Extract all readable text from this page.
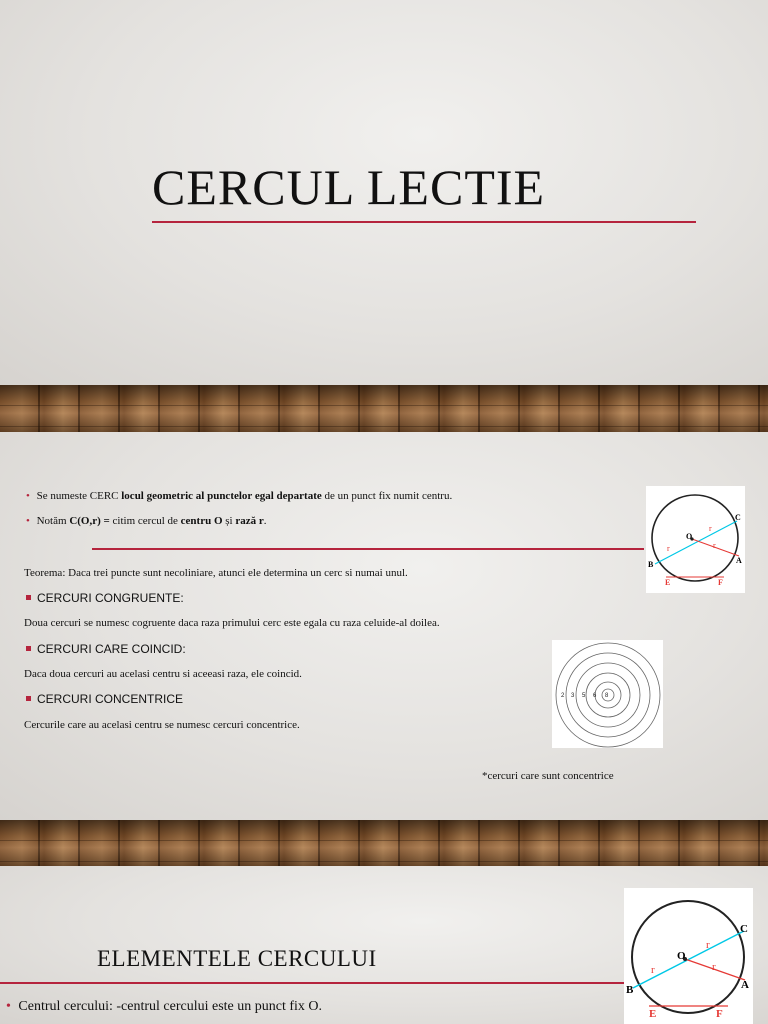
CERCUL LECTIE
• Se numeste CERC locul geometric al punctelor egal departate de un punct fix numit centru.
• Notăm C(O,r) = citim cercul de centru O și rază r.
Teorema: Daca trei puncte sunt necoliniare, atunci ele determina un cerc si numai unul.
CERCURI CONGRUENTE:
Doua cercuri se numesc cogruente daca raza primului cerc este egala cu raza celuide-al doilea.
CERCURI CARE COINCID:
Daca doua cercuri au acelasi centru si aceeasi raza, ele coincid.
CERCURI CONCENTRICE
Cercurile care au acelasi centru se numesc cercuri concentrice.
*cercuri care sunt concentrice
O
C
A
B
E	F
r
r	r
2 3 5 6 8
ELEMENTELE CERCULUI
• Centrul cercului: -centrul cercului este un punct fix O.
O
C
A
B
E	F
r
r	r
